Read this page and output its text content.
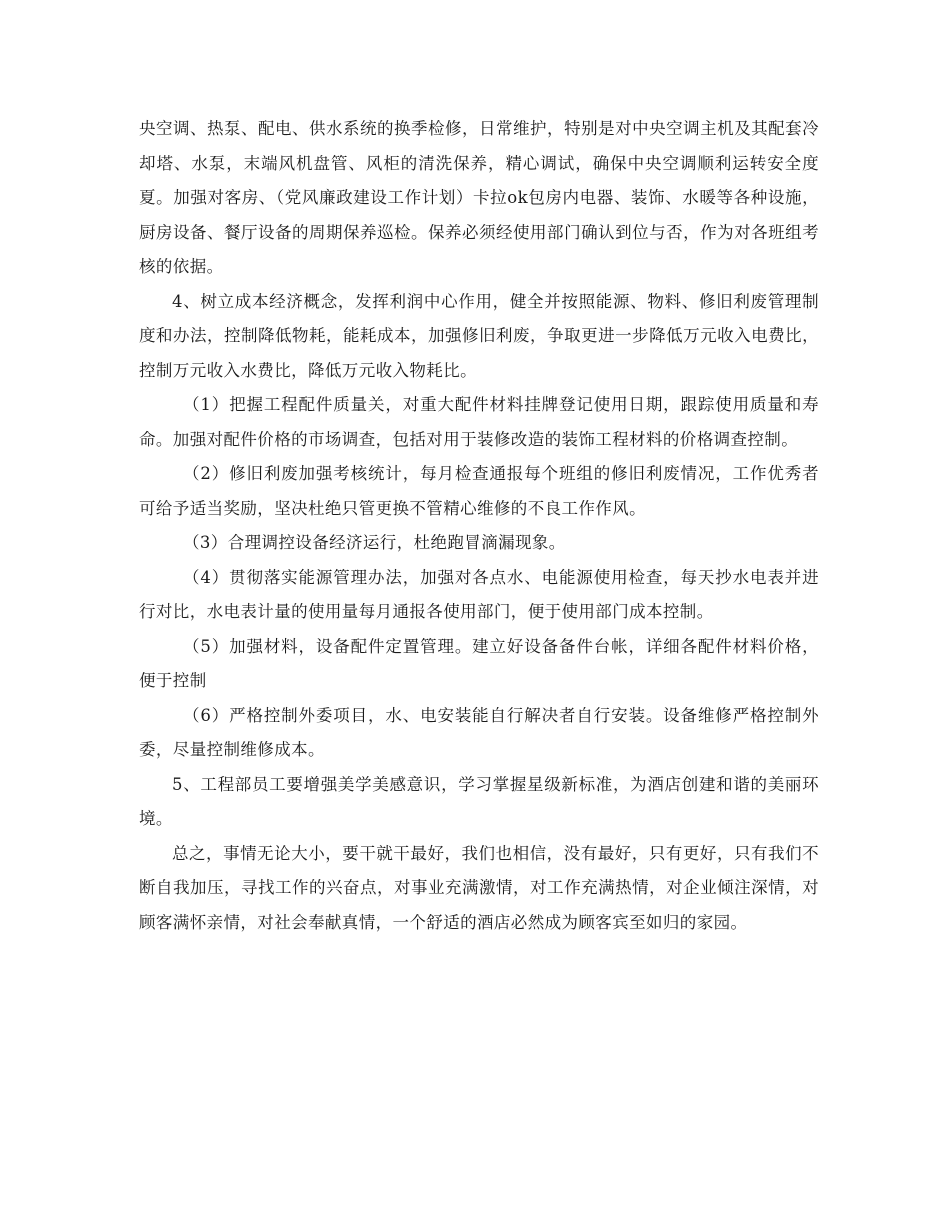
央空调、热泵、配电、供水系统的换季检修，日常维护，特别是对中央空调主机及其配套冷却塔、水泵，末端风机盘管、风柜的清洗保养，精心调试，确保中央空调顺利运转安全度夏。加强对客房、（党风廉政建设工作计划）卡拉ok包房内电器、装饰、水暖等各种设施，厨房设备、餐厅设备的周期保养巡检。保养必须经使用部门确认到位与否，作为对各班组考核的依据。

4、树立成本经济概念，发挥利润中心作用，健全并按照能源、物料、修旧利废管理制度和办法，控制降低物耗，能耗成本，加强修旧利废，争取更进一步降低万元收入电费比，控制万元收入水费比，降低万元收入物耗比。

（1）把握工程配件质量关，对重大配件材料挂牌登记使用日期，跟踪使用质量和寿命。加强对配件价格的市场调查，包括对用于装修改造的装饰工程材料的价格调查控制。

（2）修旧利废加强考核统计，每月检查通报每个班组的修旧利废情况，工作优秀者可给予适当奖励，坚决杜绝只管更换不管精心维修的不良工作作风。

（3）合理调控设备经济运行，杜绝跑冒滴漏现象。

（4）贯彻落实能源管理办法，加强对各点水、电能源使用检查，每天抄水电表并进行对比，水电表计量的使用量每月通报各使用部门，便于使用部门成本控制。

（5）加强材料，设备配件定置管理。建立好设备备件台帐，详细各配件材料价格，便于控制

（6）严格控制外委项目，水、电安装能自行解决者自行安装。设备维修严格控制外委，尽量控制维修成本。

5、工程部员工要增强美学美感意识，学习掌握星级新标准，为酒店创建和谐的美丽环境。

总之，事情无论大小，要干就干最好，我们也相信，没有最好，只有更好，只有我们不断自我加压，寻找工作的兴奋点，对事业充满激情，对工作充满热情，对企业倾注深情，对顾客满怀亲情，对社会奉献真情，一个舒适的酒店必然成为顾客宾至如归的家园。
